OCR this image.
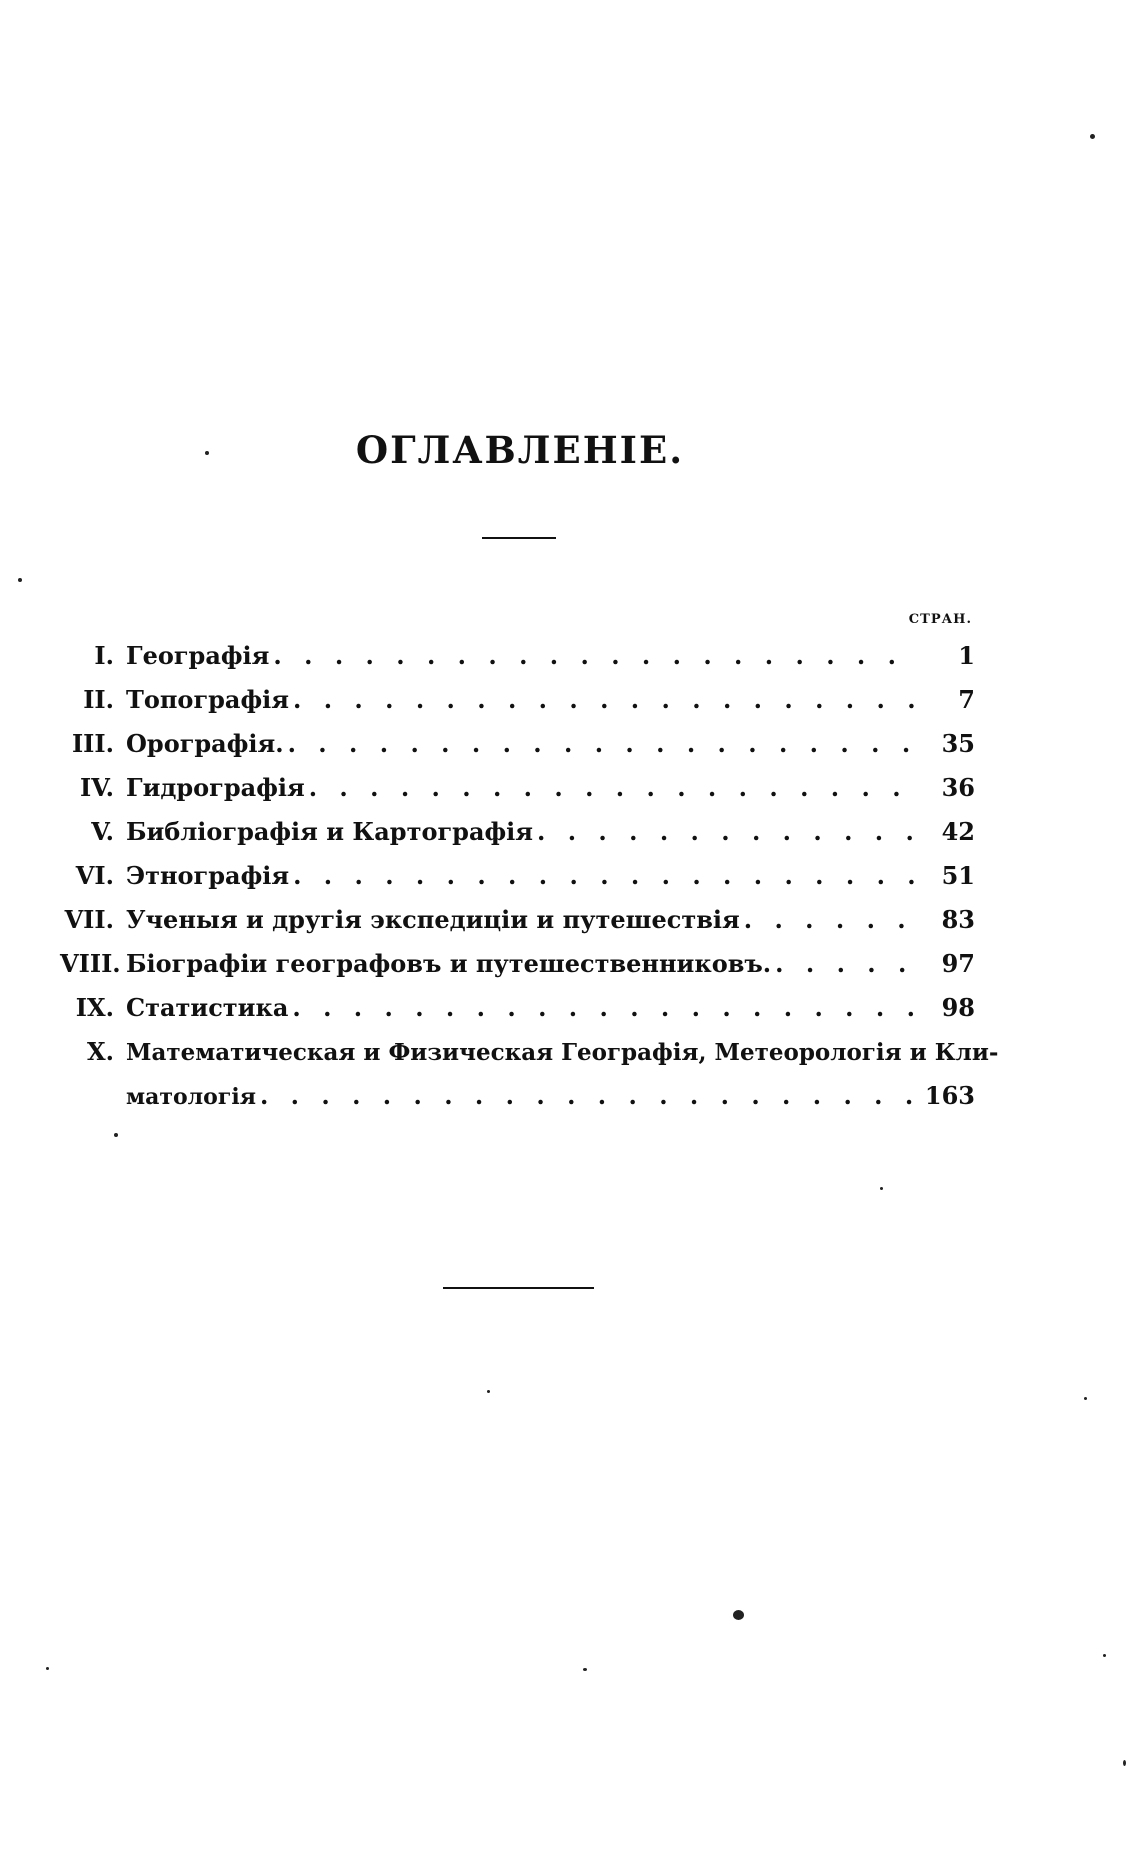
ОГЛАВЛЕНІЕ.
СТРАН.
I. Географія . . .	1
II. Топографія . . .	7
III. Орографія. . . .	35
IV. Гидрографія . . .	36
V. Библіографія и Картографія . . .	42
VI. Этнографія . . .	51
VII. Ученыя и другія экспедиціи и путешествія . . .	83
VIII. Біографіи географовъ и путешественниковъ. . . .	97
IX. Статистика . . .	98
X. Математическая и Физическая Географія, Метеорологія и Кли-
матологія . . .	163
